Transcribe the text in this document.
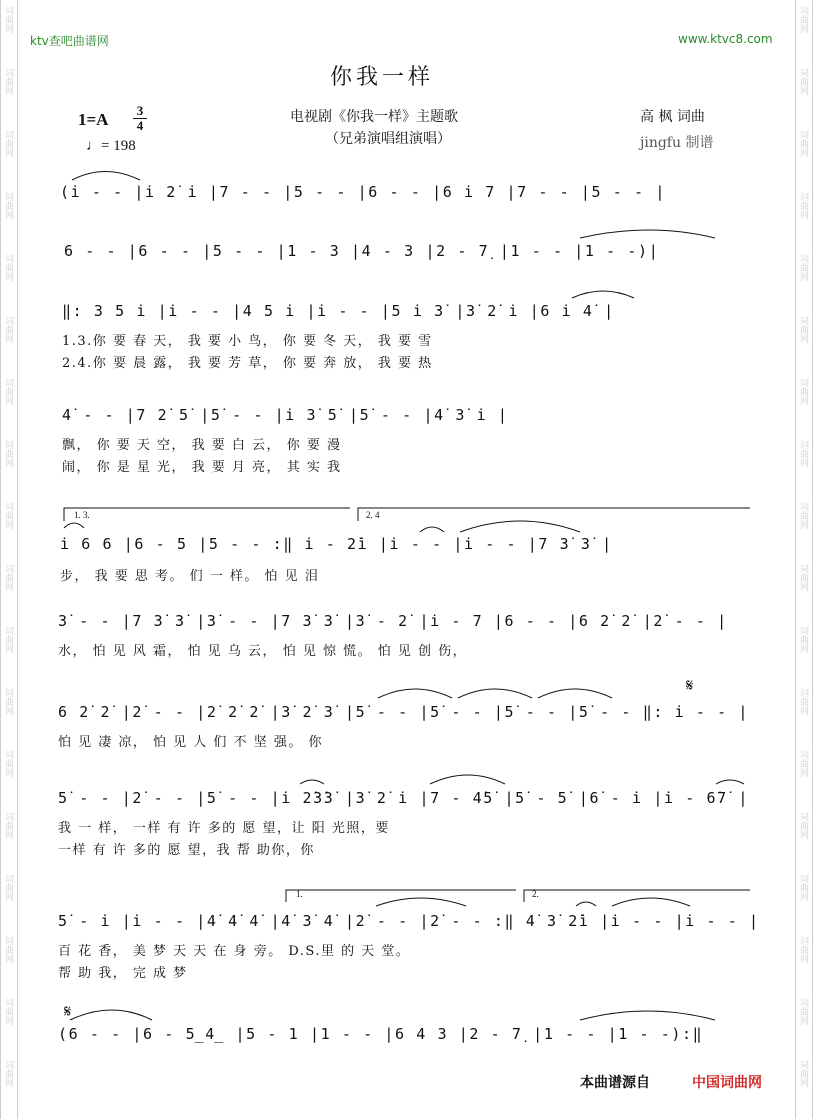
词曲网
词曲网
词曲网
词曲网
词曲网
词曲网
词曲网
词曲网
词曲网
词曲网
词曲网
词曲网
词曲网
词曲网
词曲网
词曲网
词曲网
词曲网
词曲网
词曲网
词曲网
词曲网
词曲网
词曲网
词曲网
词曲网
词曲网
词曲网
词曲网
词曲网
词曲网
词曲网
词曲网
词曲网
词曲网
词曲网
ktv查吧曲谱网	www.ktvc8.com
你我一样
$1=A \frac{3}{4}$
♩= 198
电视剧《你我一样》主题歌
（兄弟演唱组演唱）
高 枫 词曲
jingfu 制谱
(i̇ - - |i̇ 2̇ i̇ |7 - - |5 - - |6 - - |6 i̇ 7 |7 - - |5 - - |
6 - - |6 - - |5 - - |1 - 3 |4 - 3 |2 - 7̣ |1 - - |1 - -)|
‖: 3 5 i̇ |i̇ - - |4 5 i̇ |i̇ - - |5 i̇ 3̇ |3̇ 2̇ i̇ |6 i̇ 4̇ |
1.3.你 要 春 天， 我 要 小 鸟， 你 要 冬 天， 我 要 雪
2.4.你 要 晨 露， 我 要 芳 草， 你 要 奔 放， 我 要 热
4̇ - - |7 2̇ 5̇ |5̇ - - |i̇ 3̇ 5̇ |5̇ - - |4̇ 3̇ i̇ |
飘， 你 要 天 空， 我 要 白 云， 你 要 漫
闹， 你 是 星 光， 我 要 月 亮， 其 实 我
1. 3.	2. 4
i̇ 6 6 |6 - 5 |5 - - :‖ i̇ - 2̇i̇ |i̇ - - |i̇ - - |7 3̇ 3̇ |
步， 我 要 思 考。 们 一 样。 怕 见 泪
3̇ - - |7 3̇ 3̇ |3̇ - - |7 3̇ 3̇ |3̇ - 2̇ |i̇ - 7 |6 - - |6 2̇ 2̇ |2̇ - - |
水， 怕 见 风 霜， 怕 见 乌 云， 怕 见 惊 慌。 怕 见 创 伤，
𝄋
6 2̇ 2̇ |2̇ - - |2̇ 2̇ 2̇ |3̇ 2̇ 3̇ |5̇ - - |5̇ - - |5̇ - - |5̇ - - ‖: i̇ - - |
怕 见 凄 凉， 怕 见 人 们 不 坚 强。 你
5̇ - - |2̇ - - |5̇ - - |i̇ 2̇3̇3̇ |3̇ 2̇ i̇ |7 - 4̇5̇ |5̇ - 5̇ |6̇ - i̇ |i̇ - 6̇7̇ |
我 一 样， 一样 有 许 多的 愿 望，让 阳 光照，要
一样 有 许 多的 愿 望，我 帮 助你，你
1.	2.
5̇ - i̇ |i̇ - - |4̇ 4̇ 4̇ |4̇ 3̇ 4̇ |2̇ - - |2̇ - - :‖ 4̇ 3̇ 2̇i̇ |i̇ - - |i̇ - - |
百 花 香， 美 梦 天 天 在 身 旁。 D.S.里 的 天 堂。
帮 助 我， 完 成 梦
𝄋
(6 - - |6 - 5̲4̲ |5 - 1 |1 - - |6 4 3 |2 - 7̣ |1 - - |1 - -):‖
本曲谱源自	中国词曲网
